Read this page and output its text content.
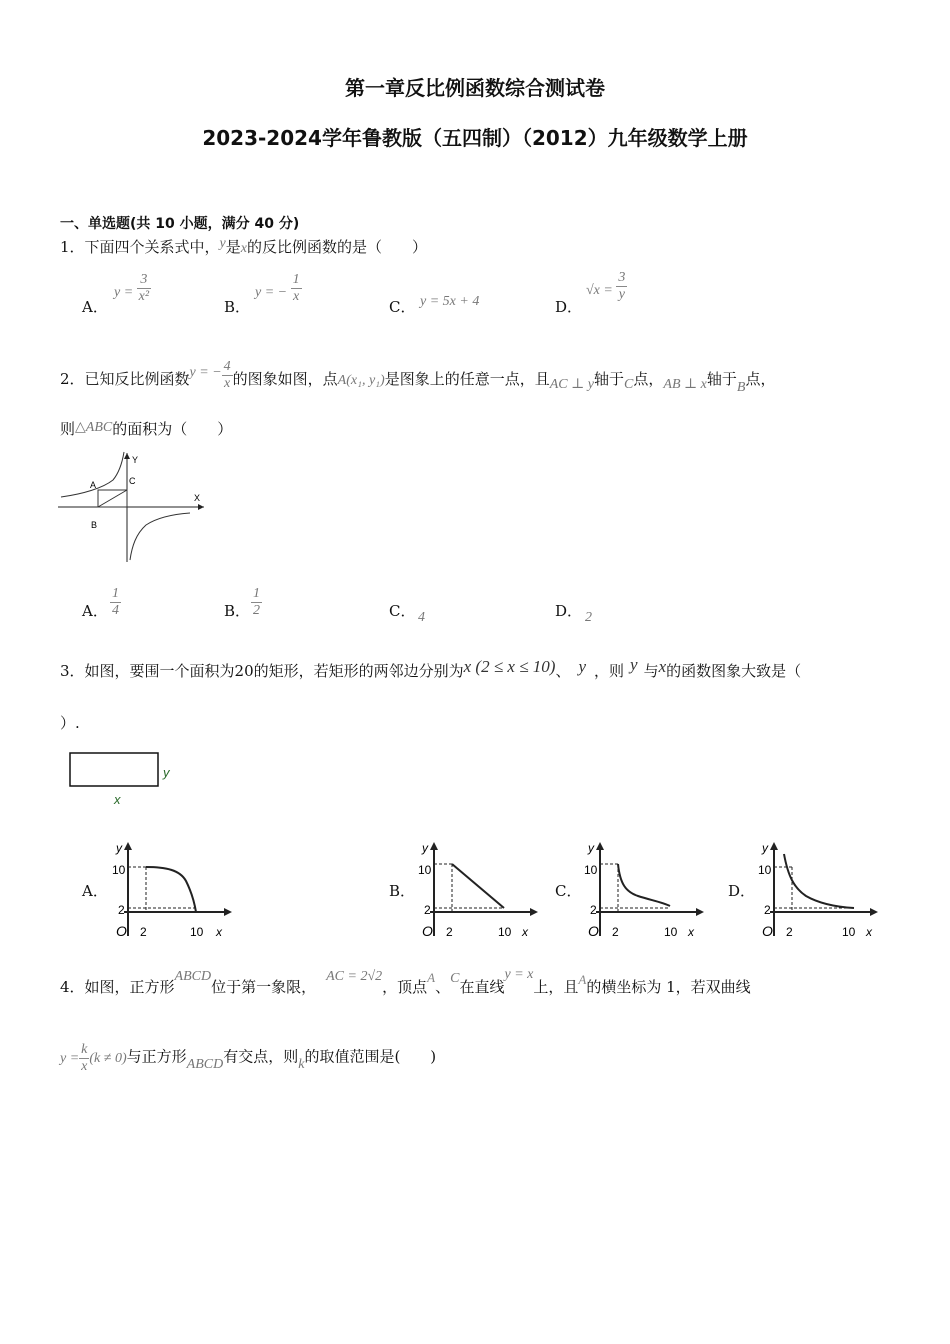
第一章反比例函数综合测试卷
2023-2024学年鲁教版（五四制）（2012）九年级数学上册
一、单选题(共 10 小题，满分 40 分)
1．下面四个关系式中，y是x的反比例函数的是（　　）
A．
$y = \frac{3}{\text{x²}}$
B．
y = − $\frac{1}{x}$
C． y = 5x + 4	D．
$√x = \frac{3}{y}$
2．已知反比例函数y = − $\frac{4}{x}$ 的图象如图，点A(x₁, y₁)是图象上的任意一点，且AC ⊥ y轴于C点，AB ⊥ x轴于B点，
则△ABC的面积为（　　）
Y
X
A
B
C
A． $\frac{1}{4}$	B． $\frac{1}{2}$	C． 4	D． 2
3．如图，要围一个面积为20的矩形，若矩形的两邻边分别为x (2 ≤ x ≤ 10)、 y ，则 y 与x的函数图象大致是（
）.
y
x
A．	B．	C．	D．
y
10
2
O 2	10 x
y
10
2
O 2	10 x
y
10
2
O 2	10 x
y
10
2
O 2	10 x
4．如图，正方形ABCD位于第一象限，AC = 2√2，顶点A、C在直线y = x上，且A的横坐标为 1，若双曲线
$y = \frac{k}{x} (k \ne 0)$与正方形ABCD有交点，则k的取值范围是(　　)
